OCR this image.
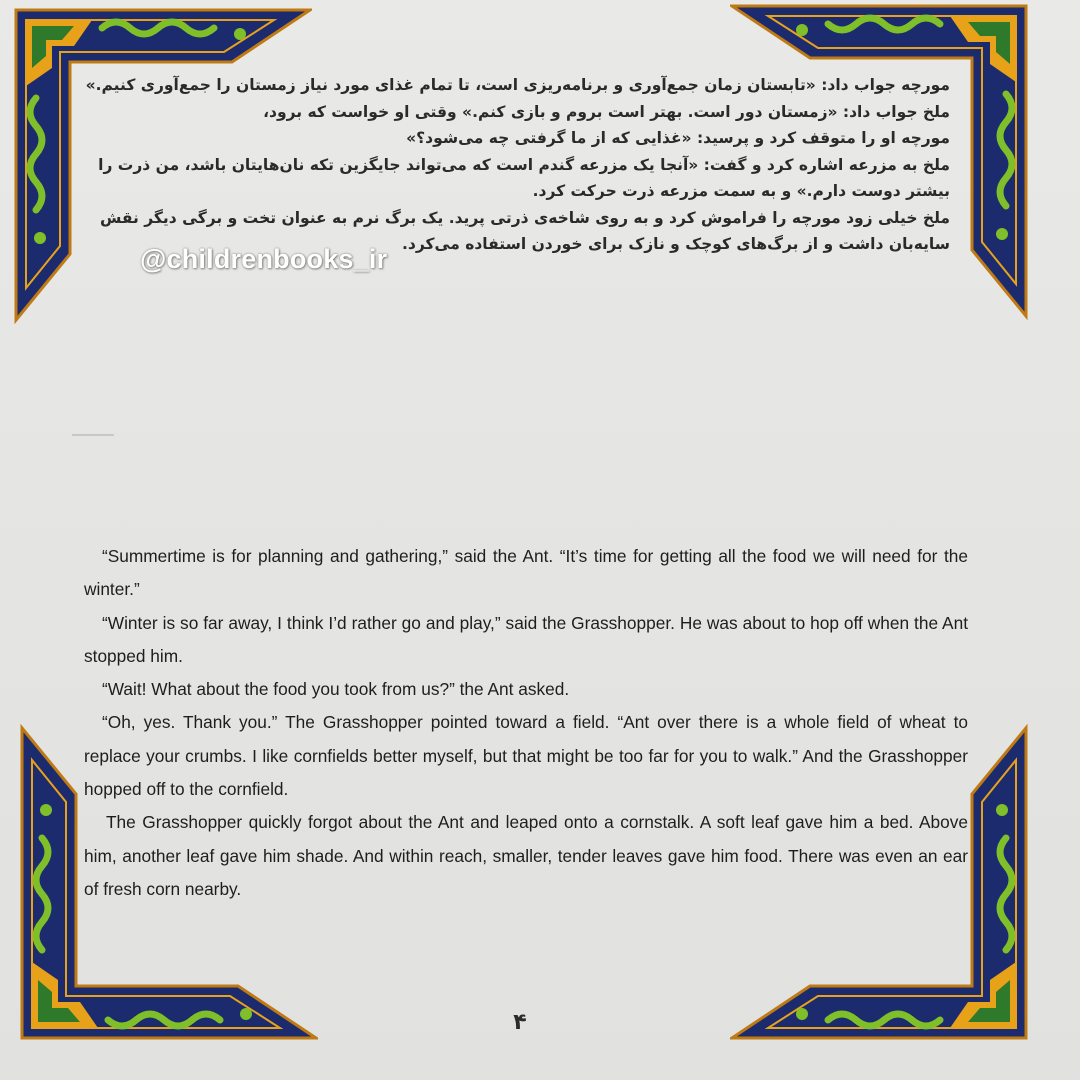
مورچه جواب داد: «تابستان زمان جمع‌آوری و برنامه‌ریزی است، تا تمام غذای مورد نیاز زمستان را جمع‌آوری کنیم.»

ملخ جواب داد: «زمستان دور است. بهتر است بروم و بازی کنم.» وقتی او خواست که برود،

مورچه او را متوقف کرد و پرسید: «غذایی که از ما گرفتی چه می‌شود؟»

ملخ به مزرعه اشاره کرد و گفت: «آنجا یک مزرعه گندم است که می‌تواند جایگزین تکه نان‌هایتان باشد، من ذرت را بیشتر دوست دارم.» و به سمت مزرعه ذرت حرکت کرد.

ملخ خیلی زود مورچه را فراموش کرد و به روی شاخه‌ی ذرتی پرید. یک برگ نرم به عنوان تخت و برگی دیگر نقش سایه‌بان داشت و از برگ‌های کوچک و نازک برای خوردن استفاده می‌کرد.

@childrenbooks_ir

“Summertime is for planning and gathering,” said the Ant. “It’s time for getting all the food we will need for the winter.”

“Winter is so far away, I think I’d rather go and play,” said the Grasshopper. He was about to hop off when the Ant stopped him.

“Wait! What about the food you took from us?” the Ant asked.

“Oh, yes. Thank you.” The Grasshopper pointed toward a field. “Ant over there is a whole field of wheat to replace your crumbs. I like cornfields better myself, but that might be too far for you to walk.” And the Grasshopper hopped off to the cornfield.

The Grasshopper quickly forgot about the Ant and leaped onto a cornstalk. A soft leaf gave him a bed. Above him, another leaf gave him shade. And within reach, smaller, tender leaves gave him food. There was even an ear of fresh corn nearby.

۴
